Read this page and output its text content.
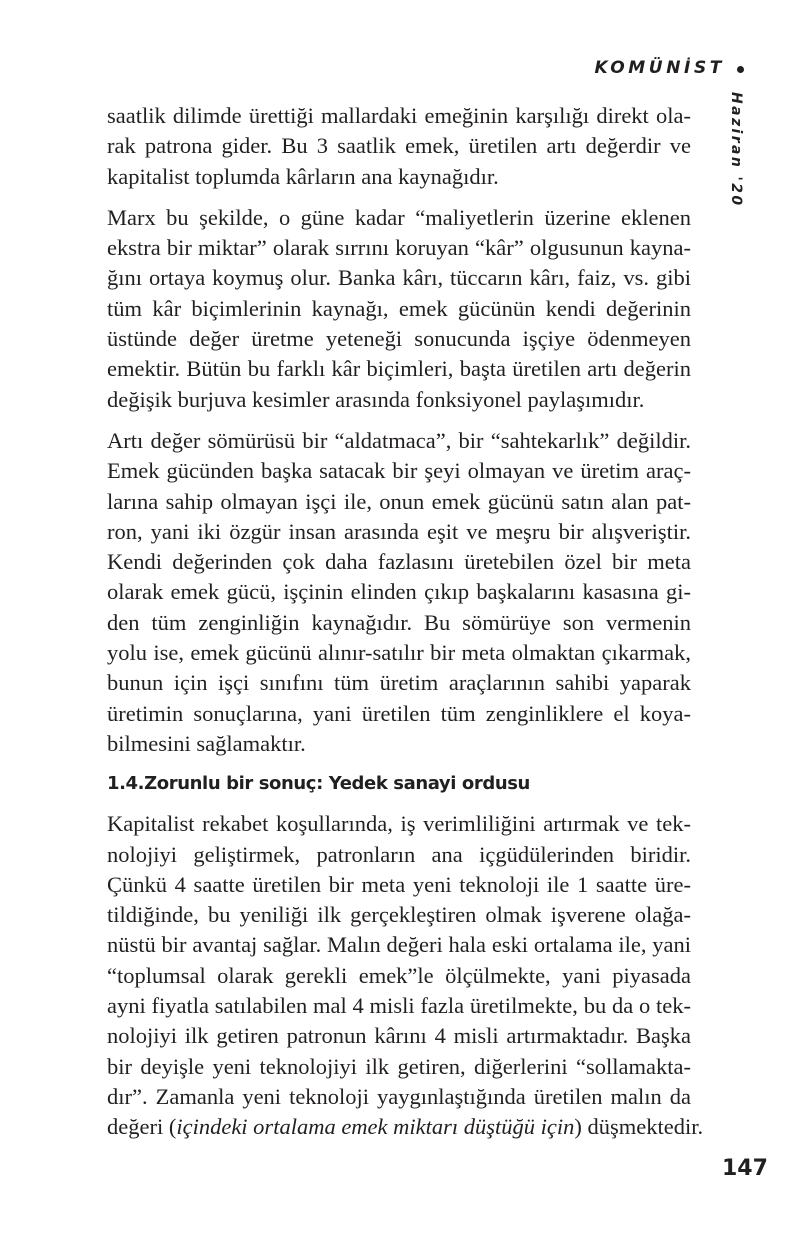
KOMÜNİST
Haziran '20

saatlik dilimde ürettiği mallardaki emeğinin karşılığı direkt ola-
rak patrona gider. Bu 3 saatlik emek, üretilen artı değerdir ve
kapitalist toplumda kârların ana kaynağıdır.

Marx bu şekilde, o güne kadar “maliyetlerin üzerine eklenen
ekstra bir miktar” olarak sırrını koruyan “kâr” olgusunun kayna-
ğını ortaya koymuş olur. Banka kârı, tüccarın kârı, faiz, vs. gibi
tüm kâr biçimlerinin kaynağı, emek gücünün kendi değerinin
üstünde değer üretme yeteneği sonucunda işçiye ödenmeyen
emektir. Bütün bu farklı kâr biçimleri, başta üretilen artı değerin
değişik burjuva kesimler arasında fonksiyonel paylaşımıdır.

Artı değer sömürüsü bir “aldatmaca”, bir “sahtekarlık” değildir.
Emek gücünden başka satacak bir şeyi olmayan ve üretim araç-
larına sahip olmayan işçi ile, onun emek gücünü satın alan pat-
ron, yani iki özgür insan arasında eşit ve meşru bir alışveriştir.
Kendi değerinden çok daha fazlasını üretebilen özel bir meta
olarak emek gücü, işçinin elinden çıkıp başkalarını kasasına gi-
den tüm zenginliğin kaynağıdır. Bu sömürüye son vermenin
yolu ise, emek gücünü alınır-satılır bir meta olmaktan çıkarmak,
bunun için işçi sınıfını tüm üretim araçlarının sahibi yaparak
üretimin sonuçlarına, yani üretilen tüm zenginliklere el koya-
bilmesini sağlamaktır.

1.4.Zorunlu bir sonuç: Yedek sanayi ordusu

Kapitalist rekabet koşullarında, iş verimliliğini artırmak ve tek-
nolojiyi geliştirmek, patronların ana içgüdülerinden biridir.
Çünkü 4 saatte üretilen bir meta yeni teknoloji ile 1 saatte üre-
tildiğinde, bu yeniliği ilk gerçekleştiren olmak işverene olağa-
nüstü bir avantaj sağlar. Malın değeri hala eski ortalama ile, yani
“toplumsal olarak gerekli emek”le ölçülmekte, yani piyasada
ayni fiyatla satılabilen mal 4 misli fazla üretilmekte, bu da o tek-
nolojiyi ilk getiren patronun kârını 4 misli artırmaktadır. Başka
bir deyişle yeni teknolojiyi ilk getiren, diğerlerini “sollamakta-
dır”. Zamanla yeni teknoloji yaygınlaştığında üretilen malın da
değeri (içindeki ortalama emek miktarı düştüğü için) düşmektedir.

147
